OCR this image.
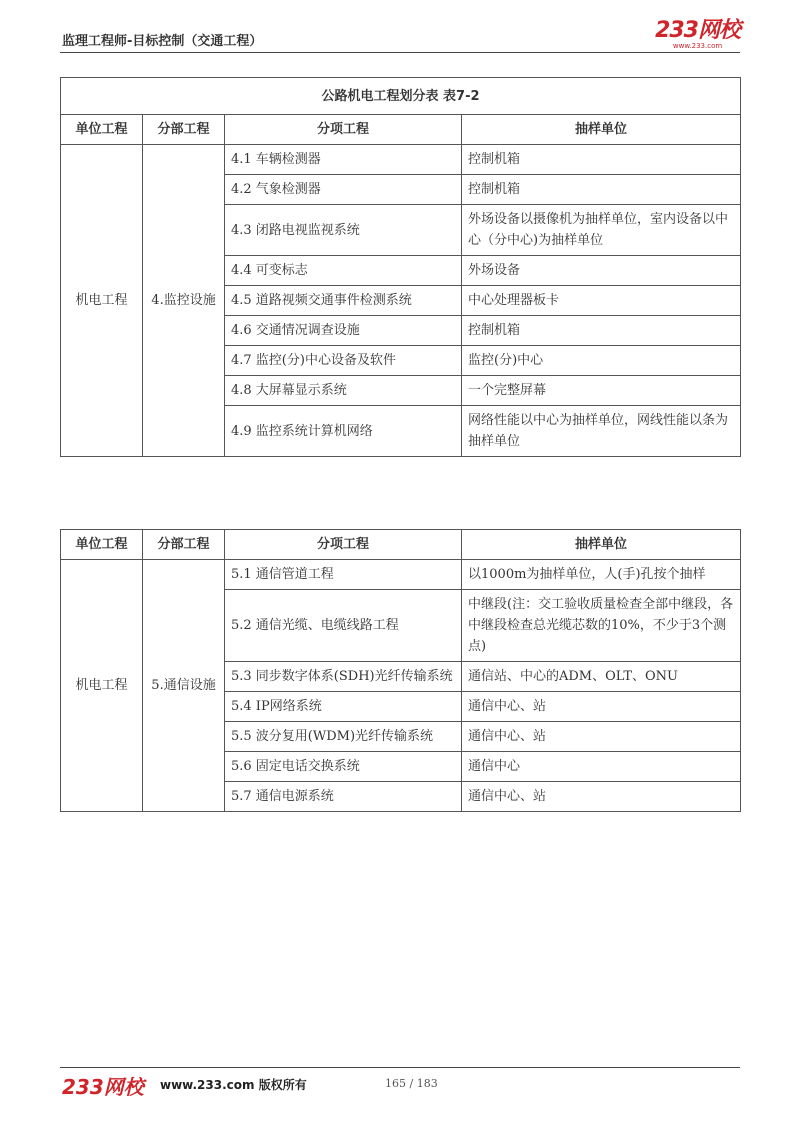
监理工程师-目标控制（交通工程）	233网校
www.233.com
公路机电工程划分表 表7-2			
单位工程	分部工程	分项工程	抽样单位
机电工程	4.监控设施	4.1 车辆检测器	控制机箱
		4.2 气象检测器	控制机箱
		4.3 闭路电视监视系统	外场设备以摄像机为抽样单位，室内设备以中心（分中心)为抽样单位
		4.4 可变标志	外场设备
		4.5 道路视频交通事件检测系统	中心处理器板卡
		4.6 交通情况调查设施	控制机箱
		4.7 监控(分)中心设备及软件	监控(分)中心
		4.8 大屏幕显示系统	一个完整屏幕
		4.9 监控系统计算机网络	网络性能以中心为抽样单位，网线性能以条为抽样单位
单位工程	分部工程	分项工程	抽样单位
机电工程	5.通信设施	5.1 通信管道工程	以1000m为抽样单位，人(手)孔按个抽样
		5.2 通信光缆、电缆线路工程	中继段(注：交工验收质量检查全部中继段，各中继段检查总光缆芯数的10%，不少于3个测点)
		5.3 同步数字体系(SDH)光纤传输系统	通信站、中心的ADM、OLT、ONU
		5.4 IP网络系统	通信中心、站
		5.5 波分复用(WDM)光纤传输系统	通信中心、站
		5.6 固定电话交换系统	通信中心
		5.7 通信电源系统	通信中心、站
233网校 www.233.com 版权所有	165 / 183
